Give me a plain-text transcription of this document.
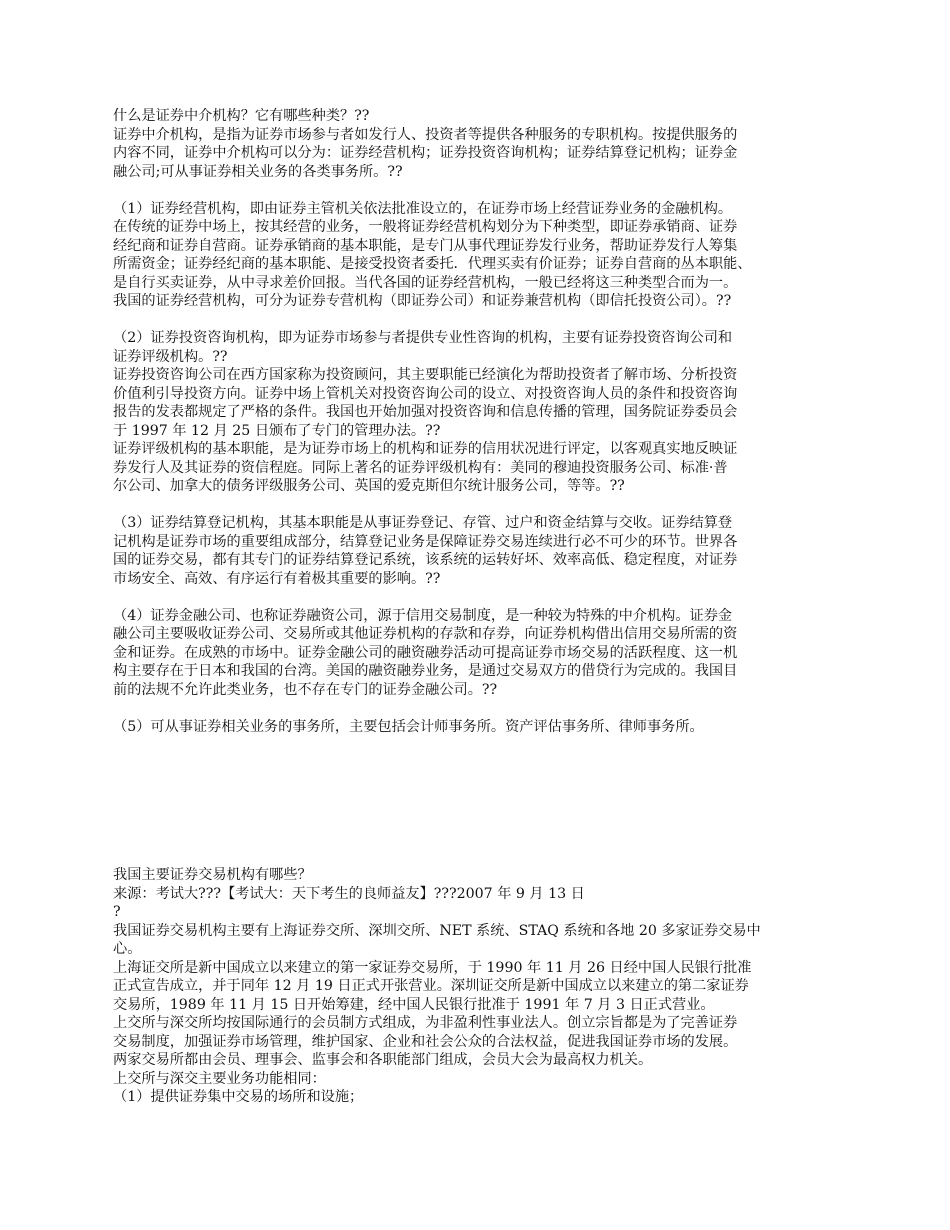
什么是证券中介机构？它有哪些种类？??
证券中介机构，是指为证券市场参与者如发行人、投资者等提供各种服务的专职机构。按提供服务的
内容不同，证券中介机构可以分为：证券经营机构；证券投资咨询机构；证券结算登记机构；证券金
融公司;可从事证券相关业务的各类事务所。??
（1）证券经营机构，即由证券主管机关依法批准设立的，在证券市场上经营证券业务的金融机构。
在传统的证券中场上，按其经营的业务，一般将证券经营机构划分为下种类型，即证券承销商、证券
经纪商和证券自营商。证券承销商的基本职能，是专门从事代理证券发行业务，帮助证券发行人筹集
所需资金；证券经纪商的基本职能、是接受投资者委托．代理买卖有价证券；证券自营商的丛本职能、
是自行买卖证券，从中寻求差价回报。当代各国的证券经营机构，一般已经将这三种类型合而为一。
我国的证券经营机构，可分为证券专营机构（即证券公司）和证券兼营机构（即信托投资公司）。??
（2）证券投资咨询机构，即为证券市场参与者提供专业性咨询的机构，主要有证券投资咨询公司和
证券评级机构。??
证券投资咨询公司在西方国家称为投资顾问，其主要职能已经演化为帮助投资者了解市场、分析投资
价值利引导投资方向。证券中场上管机关对投资咨询公司的设立、对投资咨询人员的条件和投资咨询
报告的发表都规定了严格的条件。我国也开始加强对投资咨询和信息传播的管理，国务院证券委员会
于 1997 年 12 月 25 日颁布了专门的管理办法。??
证券评级机构的基本职能，是为证券市场上的机构和证券的信用状况进行评定，以客观真实地反映证
券发行人及其证券的资信程庭。同际上著名的证券评级机构有：美同的穆迪投资服务公司、标准·普
尔公司、加拿大的债务评级服务公司、英国的爱克斯但尔统计服务公司，等等。??
（3）证券结算登记机构，其基本职能是从事证券登记、存管、过户和资金结算与交收。证券结算登
记机构是证券市场的重要组成部分，结算登记业务是保障证券交易连续进行必不可少的环节。世界各
国的证券交易，都有其专门的证券结算登记系统，该系统的运转好坏、效率高低、稳定程度，对证券
市场安全、高效、有序运行有着极其重要的影响。??
（4）证券金融公司、也称证券融资公司，源于信用交易制度，是一种较为特殊的中介机构。证券金
融公司主要吸收证券公司、交易所或其他证券机构的存款和存券，向证券机构借出信用交易所需的资
金和证券。在成熟的市场中。证券金融公司的融资融券活动可提高证券市场交易的活跃程度、这一机
构主要存在于日本和我国的台湾。美国的融资融券业务，是通过交易双方的借贷行为完成的。我国目
前的法规不允许此类业务，也不存在专门的证券金融公司。??
（5）可从事证券相关业务的事务所，主要包括会计师事务所。资产评估事务所、律师事务所。
我国主要证券交易机构有哪些？
来源：考试大???【考试大：天下考生的良师益友】???2007 年 9 月 13 日
?
我国证券交易机构主要有上海证券交所、深圳交所、NET 系统、STAQ 系统和各地 20 多家证券交易中
心。
上海证交所是新中国成立以来建立的第一家证券交易所，于 1990 年 11 月 26 日经中国人民银行批准
正式宣告成立，并于同年 12 月 19 日正式开张营业。深圳证交所是新中国成立以来建立的第二家证券
交易所，1989 年 11 月 15 日开始筹建，经中国人民银行批准于 1991 年 7 月 3 日正式营业。
上交所与深交所均按国际通行的会员制方式组成，为非盈利性事业法人。创立宗旨都是为了完善证券
交易制度，加强证券市场管理，维护国家、企业和社会公众的合法权益，促进我国证券市场的发展。
两家交易所都由会员、理事会、监事会和各职能部门组成，会员大会为最高权力机关。
上交所与深交主要业务功能相同：
（1）提供证券集中交易的场所和设施；
